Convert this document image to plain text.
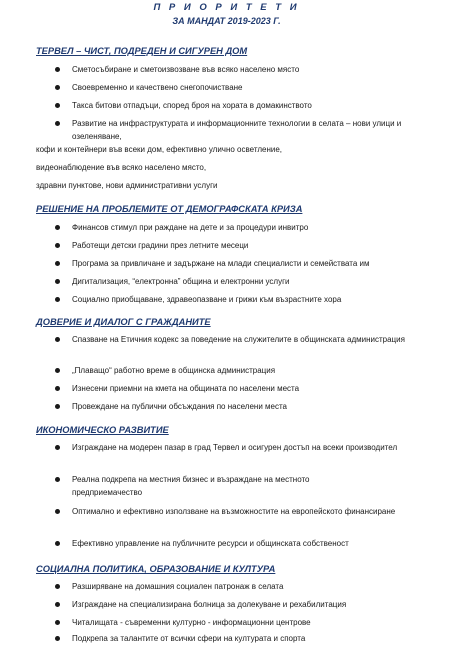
П Р И О Р И Т Е Т И
ЗА МАНДАТ 2019-2023 Г.
ТЕРВЕЛ – ЧИСТ, ПОДРЕДЕН И СИГУРЕН ДОМ
Сметосъбиране и сметоизвозване във всяко населено място
Своевременно и качествено снегопочистване
Такса битови отпадъци, според броя на хората в домакинството
Развитие на инфраструктурата и информационните технологии в селата – нови улици и озеленяване,
кофи и контейнери във всеки дом, ефективно улично осветление,
видеонаблюдение във всяко населено място,
здравни пунктове, нови административни услуги
РЕШЕНИЕ НА ПРОБЛЕМИТЕ ОТ ДЕМОГРАФСКАТА КРИЗА
Финансов стимул при раждане на дете и за процедури инвитро
Работещи детски градини през летните месеци
Програма за привличане и задържане на млади специалисти и семействата им
Дигитализация, “електронна” община и електронни услуги
Социално приобщаване, здравеопазване и грижи към възрастните хора
ДОВЕРИЕ И ДИАЛОГ С ГРАЖДАНИТЕ
Спазване на Етичния кодекс за поведение на служителите в общинската администрация
„Плаващо“ работно време в общинска администрация
Изнесени приемни на кмета на общината по населени места
Провеждане на публични обсъждания по населени места
ИКОНОМИЧЕСКО РАЗВИТИЕ
Изграждане на модерен пазар в град Тервел и осигурен достъп на всеки производител
Реална подкрепа на местния бизнес и възраждане на местното предприемачество
Оптимално и ефективно използване на възможностите на европейското финансиране
Ефективно управление на публичните ресурси и общинската собственост
СОЦИАЛНА ПОЛИТИКА, ОБРАЗОВАНИЕ И КУЛТУРА
Разширяване на домашния социален патронаж в селата
Изграждане на специализирана болница за долекуване и рехабилитация
Читалищата - съвременни културно - информационни центрове
Подкрепа за талантите от всички сфери на културата и спорта
